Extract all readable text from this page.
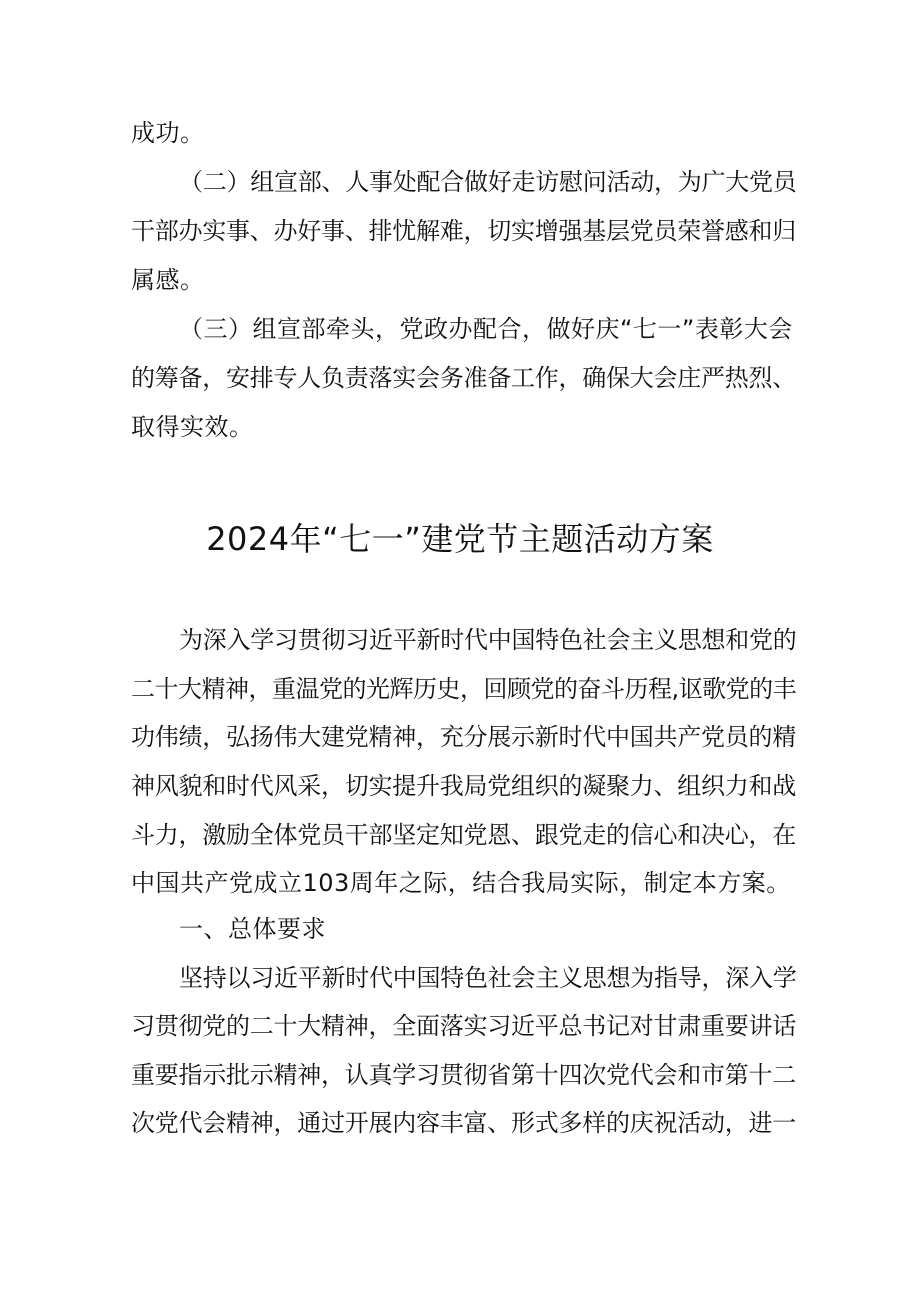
成功。
（二）组宣部、人事处配合做好走访慰问活动，为广大党员
干部办实事、办好事、排忧解难，切实增强基层党员荣誉感和归
属感。
（三）组宣部牵头，党政办配合，做好庆“七一”表彰大会
的筹备，安排专人负责落实会务准备工作，确保大会庄严热烈、
取得实效。
2024年“七一”建党节主题活动方案
为深入学习贯彻习近平新时代中国特色社会主义思想和党的
二十大精神，重温党的光辉历史，回顾党的奋斗历程,讴歌党的丰
功伟绩，弘扬伟大建党精神，充分展示新时代中国共产党员的精
神风貌和时代风采，切实提升我局党组织的凝聚力、组织力和战
斗力，激励全体党员干部坚定知党恩、跟党走的信心和决心，在
中国共产党成立103周年之际，结合我局实际，制定本方案。
一、总体要求
坚持以习近平新时代中国特色社会主义思想为指导，深入学
习贯彻党的二十大精神，全面落实习近平总书记对甘肃重要讲话
重要指示批示精神，认真学习贯彻省第十四次党代会和市第十二
次党代会精神，通过开展内容丰富、形式多样的庆祝活动，进一
